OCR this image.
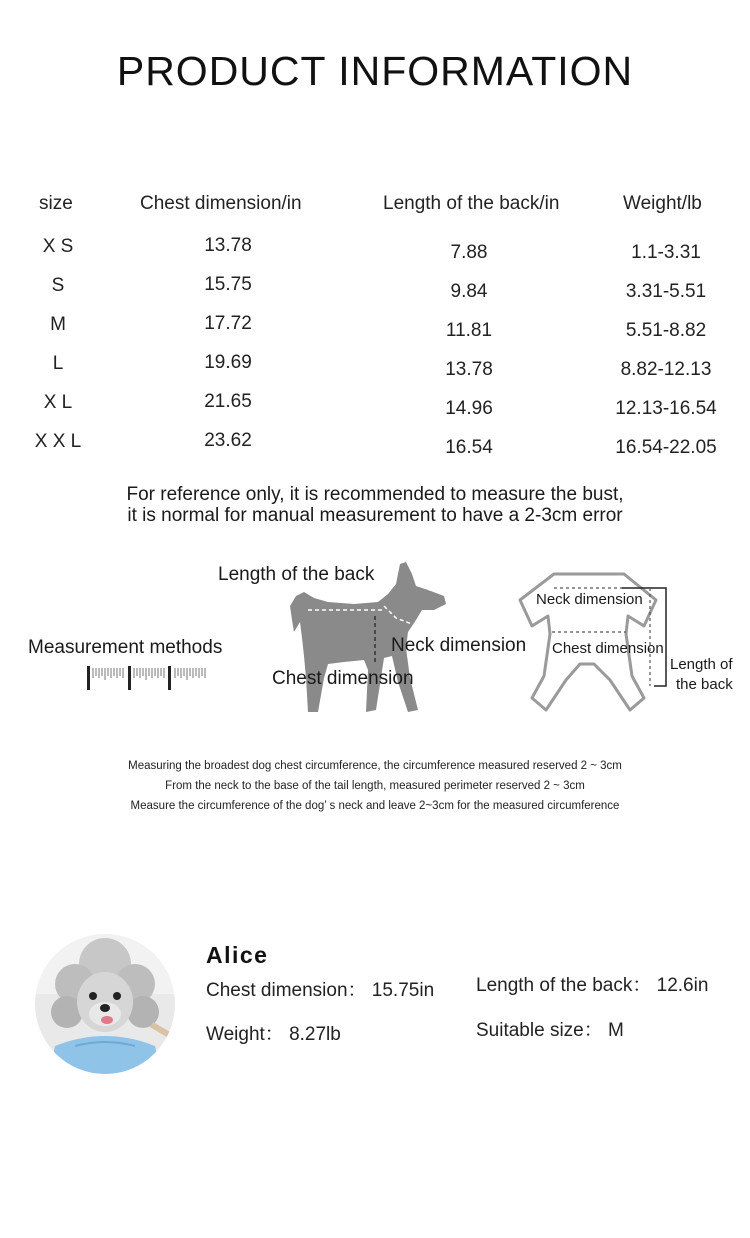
PRODUCT INFORMATION
size	Chest dimension/in	Length of the back/in	Weight/lb
X S	13.78	7.88	1.1-3.31
S	15.75	9.84	3.31-5.51
M	17.72	11.81	5.51-8.82
L	19.69	13.78	8.82-12.13
X L	21.65	14.96	12.13-16.54
X X L	23.62	16.54	16.54-22.05
For reference only, it is recommended to measure the bust,
it is normal for manual measurement to have a 2-3cm error
Measurement methods
Length of the back
Neck dimension
Chest dimension
Neck dimension
Chest dimension
Length of
the back
Measuring the broadest dog chest circumference, the circumference measured reserved 2 ~ 3cm
From the neck to the base of the tail length, measured perimeter reserved 2 ~ 3cm
Measure the circumference of the dog’ s neck and leave 2~3cm for the measured circumference
Alice
Chest dimension： 15.75in Length of the back： 12.6in
Weight： 8.27lb	Suitable size： M
